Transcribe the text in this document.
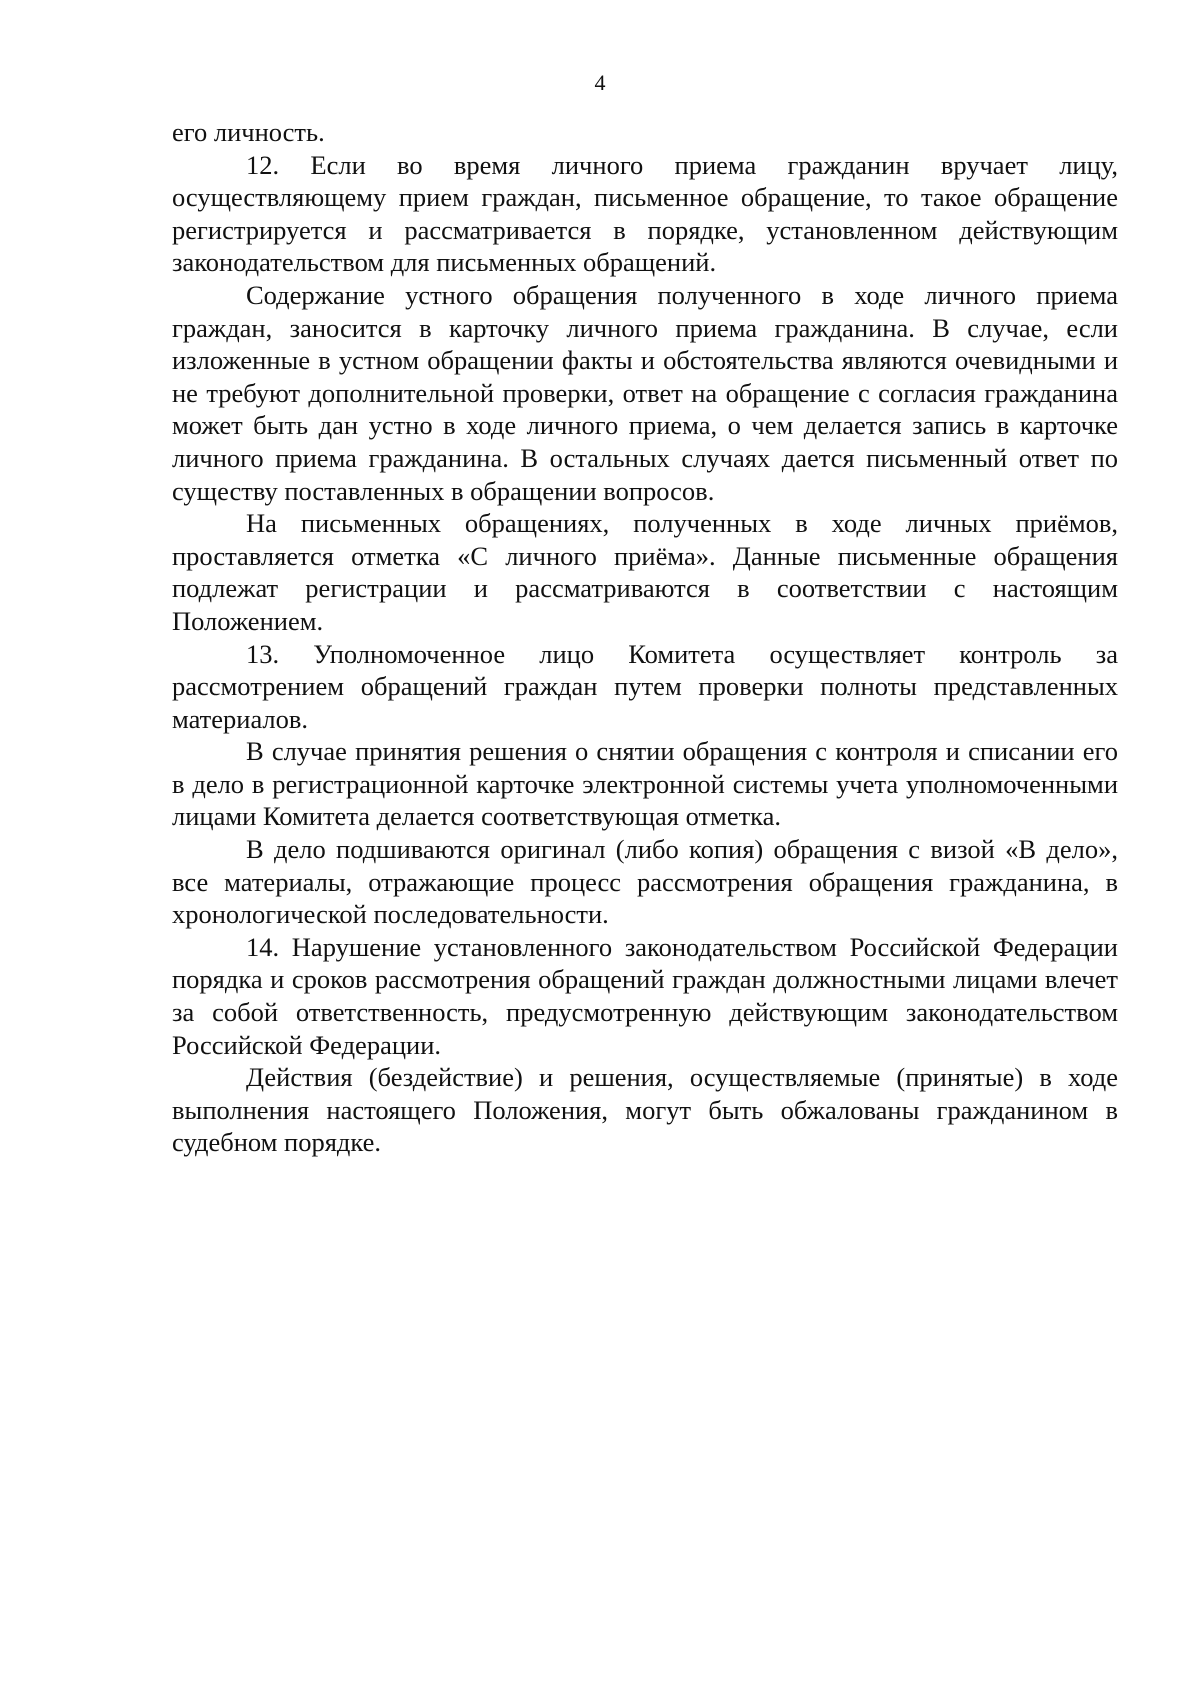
4

его личность.

12. Если во время личного приема гражданин вручает лицу, осуществляющему прием граждан, письменное обращение, то такое обращение регистрируется и рассматривается в порядке, установленном действующим законодательством для письменных обращений.

Содержание устного обращения полученного в ходе личного приема граждан, заносится в карточку личного приема гражданина. В случае, если изложенные в устном обращении факты и обстоятельства являются очевидными и не требуют дополнительной проверки, ответ на обращение с согласия гражданина может быть дан устно в ходе личного приема, о чем делается запись в карточке личного приема гражданина. В остальных случаях дается письменный ответ по существу поставленных в обращении вопросов.

На письменных обращениях, полученных в ходе личных приёмов, проставляется отметка «С личного приёма». Данные письменные обращения подлежат регистрации и рассматриваются в соответствии с настоящим Положением.

13. Уполномоченное лицо Комитета осуществляет контроль за рассмотрением обращений граждан путем проверки полноты представленных материалов.

В случае принятия решения о снятии обращения с контроля и списании его в дело в регистрационной карточке электронной системы учета уполномоченными лицами Комитета делается соответствующая отметка.

В дело подшиваются оригинал (либо копия) обращения с визой «В дело», все материалы, отражающие процесс рассмотрения обращения гражданина, в хронологической последовательности.

14. Нарушение установленного законодательством Российской Федерации порядка и сроков рассмотрения обращений граждан должностными лицами влечет за собой ответственность, предусмотренную действующим законодательством Российской Федерации.

Действия (бездействие) и решения, осуществляемые (принятые) в ходе выполнения настоящего Положения, могут быть обжалованы гражданином в судебном порядке.
